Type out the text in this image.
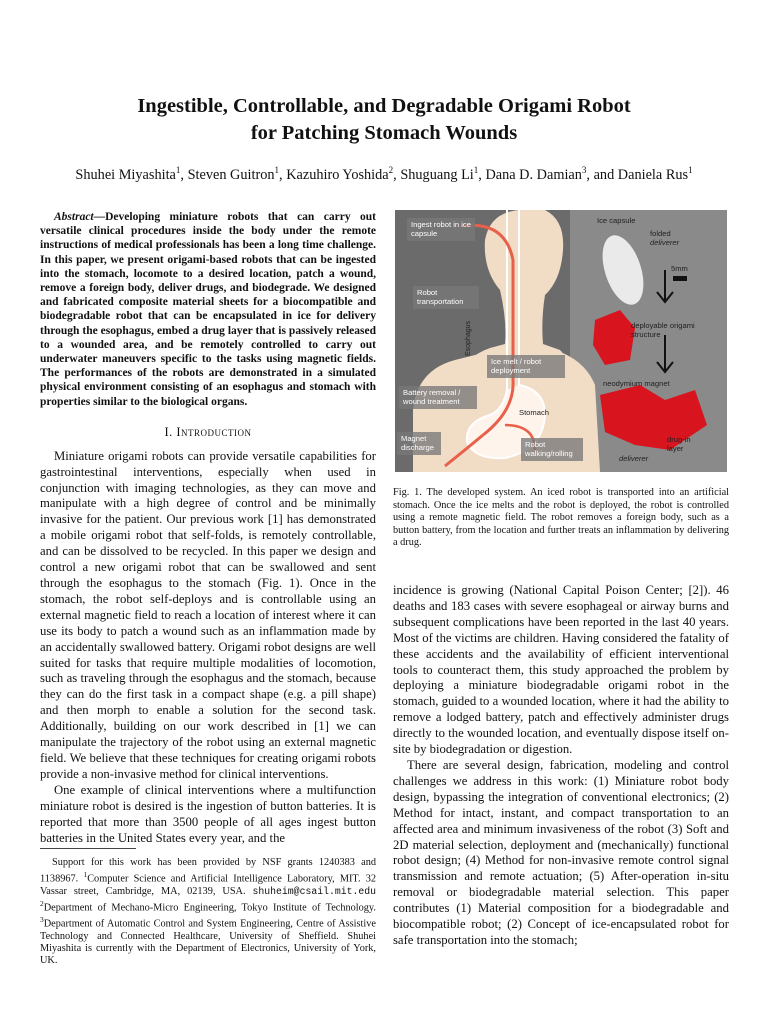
Ingestible, Controllable, and Degradable Origami Robot
for Patching Stomach Wounds
Shuhei Miyashita$^1$, Steven Guitron$^1$, Kazuhiro Yoshida$^2$, Shuguang Li$^1$, Dana D. Damian$^3$, and Daniela Rus$^1$

Abstract—Developing miniature robots that can carry out versatile clinical procedures inside the body under the remote instructions of medical professionals has been a long time challenge. In this paper, we present origami-based robots that can be ingested into the stomach, locomote to a desired location, patch a wound, remove a foreign body, deliver drugs, and biodegrade. We designed and fabricated composite material sheets for a biocompatible and biodegradable robot that can be encapsulated in ice for delivery through the esophagus, embed a drug layer that is passively released to a wounded area, and be remotely controlled to carry out underwater maneuvers specific to the tasks using magnetic fields. The performances of the robots are demonstrated in a simulated physical environment consisting of an esophagus and stomach with properties similar to the biological organs.

I. Introduction

Miniature origami robots can provide versatile capabilities for gastrointestinal interventions, especially when used in conjunction with imaging technologies, as they can move and manipulate with a high degree of control and be minimally invasive for the patient. Our previous work [1] has demonstrated a mobile origami robot that self-folds, is remotely controllable, and can be dissolved to be recycled. In this paper we design and control a new origami robot that can be swallowed and sent through the esophagus to the stomach (Fig. 1). Once in the stomach, the robot self-deploys and is controllable using an external magnetic field to reach a location of interest where it can use its body to patch a wound such as an inflammation made by an accidentally swallowed battery. Origami robot designs are well suited for tasks that require multiple modalities of locomotion, such as traveling through the esophagus and the stomach, because they can do the first task in a compact shape (e.g. a pill shape) and then morph to enable a solution for the second task. Additionally, building on our work described in [1] we can manipulate the trajectory of the robot using an external magnetic field. We believe that these techniques for creating origami robots provide a non-invasive method for clinical interventions.

One example of clinical interventions where a multifunction miniature robot is desired is the ingestion of button batteries. It is reported that more than 3500 people of all ages ingest button batteries in the United States every year, and the

Support for this work has been provided by NSF grants 1240383 and 1138967. $^1$Computer Science and Artificial Intelligence Laboratory, MIT. 32 Vassar street, Cambridge, MA, 02139, USA. shuheim@csail.mit.edu $^2$Department of Mechano-Micro Engineering, Tokyo Institute of Technology. $^3$Department of Automatic Control and System Engineering, Centre of Assistive Technology and Connected Healthcare, University of Sheffield. Shuhei Miyashita is currently with the Department of Electronics, University of York, UK.

Ingest robot in ice capsule
Robot transportation
Esophagus
Ice melt / robot deployment
Battery removal / wound treatment
Stomach
Magnet discharge	Robot walking/rolling
Ice capsule
folded
deliverer
5mm
deployable origami structure
neodymium magnet
drug-in layer
deliverer
Fig. 1. The developed system. An iced robot is transported into an artificial stomach. Once the ice melts and the robot is deployed, the robot is controlled using a remote magnetic field. The robot removes a foreign body, such as a button battery, from the location and further treats an inflammation by delivering a drug.

incidence is growing (National Capital Poison Center; [2]). 46 deaths and 183 cases with severe esophageal or airway burns and subsequent complications have been reported in the last 40 years. Most of the victims are children. Having considered the fatality of these accidents and the availability of efficient interventional tools to counteract them, this study approached the problem by deploying a miniature biodegradable origami robot in the stomach, guided to a wounded location, where it had the ability to remove a lodged battery, patch and effectively administer drugs directly to the wounded location, and eventually dispose itself on-site by biodegradation or digestion.

There are several design, fabrication, modeling and control challenges we address in this work: (1) Miniature robot body design, bypassing the integration of conventional electronics; (2) Method for intact, instant, and compact transportation to an affected area and minimum invasiveness of the robot (3) Soft and 2D material selection, deployment and (mechanically) functional robot design; (4) Method for non-invasive remote control signal transmission and remote actuation; (5) After-operation in-situ removal or biodegradable material selection. This paper contributes (1) Material composition for a biodegradable and biocompatible robot; (2) Concept of ice-encapsulated robot for safe transportation into the stomach;
